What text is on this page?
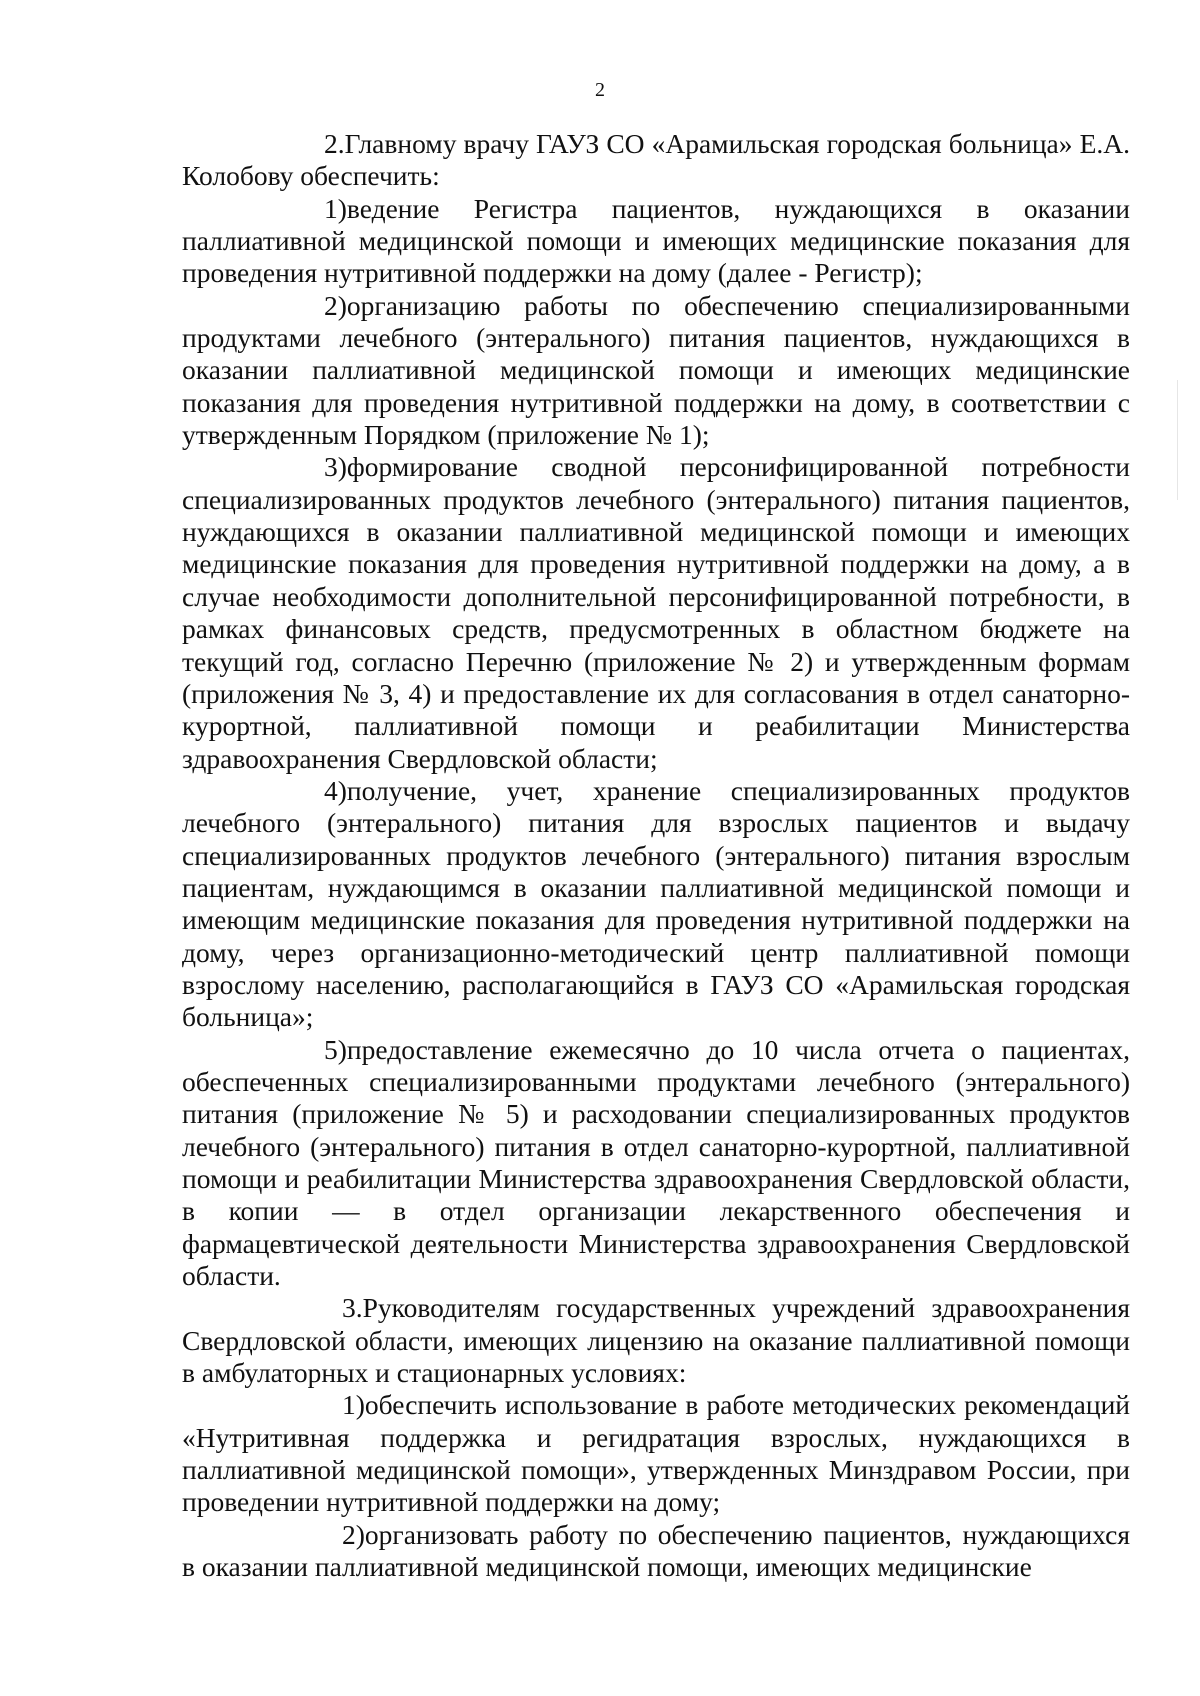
2

2.Главному врачу ГАУЗ СО «Арамильская городская больница» Е.А. Колобову обеспечить:

1)ведение Регистра пациентов, нуждающихся в оказании паллиативной медицинской помощи и имеющих медицинские показания для проведения нутритивной поддержки на дому (далее - Регистр);

2)организацию работы по обеспечению специализированными продуктами лечебного (энтерального) питания пациентов, нуждающихся в оказании паллиативной медицинской помощи и имеющих медицинские показания для проведения нутритивной поддержки на дому, в соответствии с утвержденным Порядком (приложение № 1);

3)формирование сводной персонифицированной потребности специализированных продуктов лечебного (энтерального) питания пациентов, нуждающихся в оказании паллиативной медицинской помощи и имеющих медицинские показания для проведения нутритивной поддержки на дому, а в случае необходимости дополнительной персонифицированной потребности, в рамках финансовых средств, предусмотренных в областном бюджете на текущий год, согласно Перечню (приложение № 2) и утвержденным формам (приложения № 3, 4) и предоставление их для согласования в отдел санаторно-курортной, паллиативной помощи и реабилитации Министерства здравоохранения Свердловской области;

4)получение, учет, хранение специализированных продуктов лечебного (энтерального) питания для взрослых пациентов и выдачу специализированных продуктов лечебного (энтерального) питания взрослым пациентам, нуждающимся в оказании паллиативной медицинской помощи и имеющим медицинские показания для проведения нутритивной поддержки на дому, через организационно-методический центр паллиативной помощи взрослому населению, располагающийся в ГАУЗ СО «Арамильская городская больница»;

5)предоставление ежемесячно до 10 числа отчета о пациентах, обеспеченных специализированными продуктами лечебного (энтерального) питания (приложение № 5) и расходовании специализированных продуктов лечебного (энтерального) питания в отдел санаторно-курортной, паллиативной помощи и реабилитации Министерства здравоохранения Свердловской области, в копии — в отдел организации лекарственного обеспечения и фармацевтической деятельности Министерства здравоохранения Свердловской области.

3.Руководителям государственных учреждений здравоохранения Свердловской области, имеющих лицензию на оказание паллиативной помощи в амбулаторных и стационарных условиях:

1)обеспечить использование в работе методических рекомендаций «Нутритивная поддержка и регидратация взрослых, нуждающихся в паллиативной медицинской помощи», утвержденных Минздравом России, при проведении нутритивной поддержки на дому;

2)организовать работу по обеспечению пациентов, нуждающихся в оказании паллиативной медицинской помощи, имеющих медицинские
